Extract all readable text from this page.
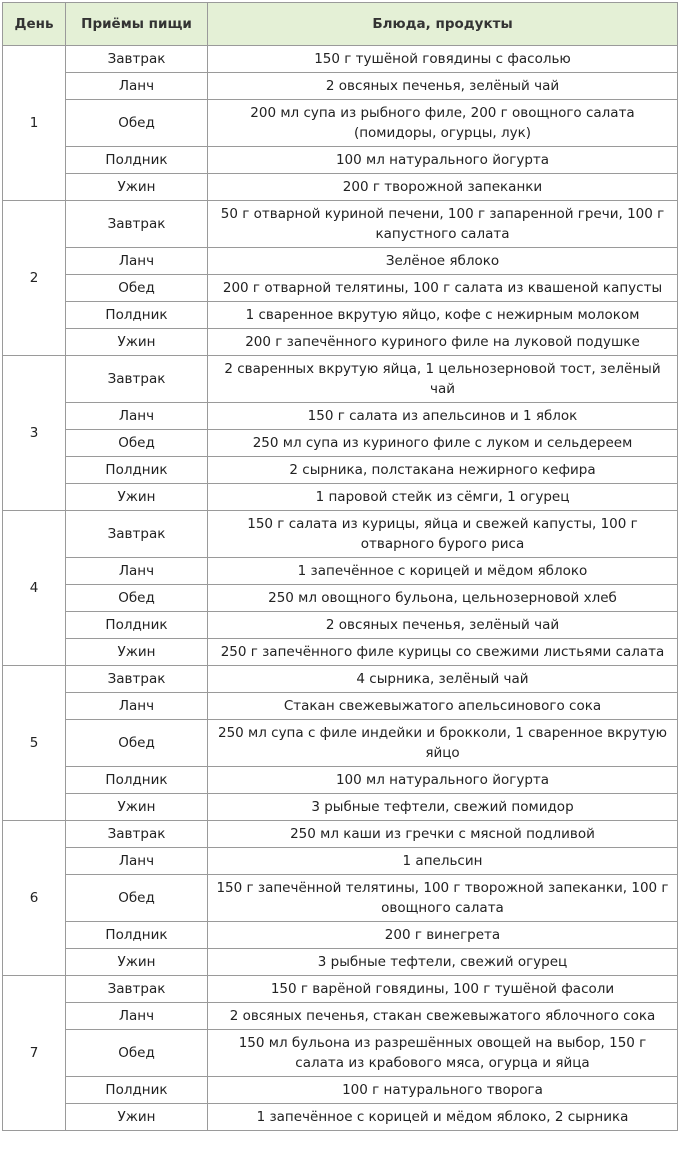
День	Приёмы пищи	Блюда, продукты
1	Завтрак	150 г тушёной говядины с фасолью
	Ланч	2 овсяных печенья, зелёный чай
	Обед	200 мл супа из рыбного филе, 200 г овощного салата (помидоры, огурцы, лук)
	Полдник	100 мл натурального йогурта
	Ужин	200 г творожной запеканки
2	Завтрак	50 г отварной куриной печени, 100 г запаренной гречи, 100 г капустного салата
	Ланч	Зелёное яблоко
	Обед	200 г отварной телятины, 100 г салата из квашеной капусты
	Полдник	1 сваренное вкрутую яйцо, кофе с нежирным молоком
	Ужин	200 г запечённого куриного филе на луковой подушке
3	Завтрак	2 сваренных вкрутую яйца, 1 цельнозерновой тост, зелёный чай
	Ланч	150 г салата из апельсинов и 1 яблок
	Обед	250 мл супа из куриного филе с луком и сельдереем
	Полдник	2 сырника, полстакана нежирного кефира
	Ужин	1 паровой стейк из сёмги, 1 огурец
4	Завтрак	150 г салата из курицы, яйца и свежей капусты, 100 г отварного бурого риса
	Ланч	1 запечённое с корицей и мёдом яблоко
	Обед	250 мл овощного бульона, цельнозерновой хлеб
	Полдник	2 овсяных печенья, зелёный чай
	Ужин	250 г запечённого филе курицы со свежими листьями салата
5	Завтрак	4 сырника, зелёный чай
	Ланч	Стакан свежевыжатого апельсинового сока
	Обед	250 мл супа с филе индейки и брокколи, 1 сваренное вкрутую яйцо
	Полдник	100 мл натурального йогурта
	Ужин	3 рыбные тефтели, свежий помидор
6	Завтрак	250 мл каши из гречки с мясной подливой
	Ланч	1 апельсин
	Обед	150 г запечённой телятины, 100 г творожной запеканки, 100 г овощного салата
	Полдник	200 г винегрета
	Ужин	3 рыбные тефтели, свежий огурец
7	Завтрак	150 г варёной говядины, 100 г тушёной фасоли
	Ланч	2 овсяных печенья, стакан свежевыжатого яблочного сока
	Обед	150 мл бульона из разрешённых овощей на выбор, 150 г салата из крабового мяса, огурца и яйца
	Полдник	100 г натурального творога
	Ужин	1 запечённое с корицей и мёдом яблоко, 2 сырника
